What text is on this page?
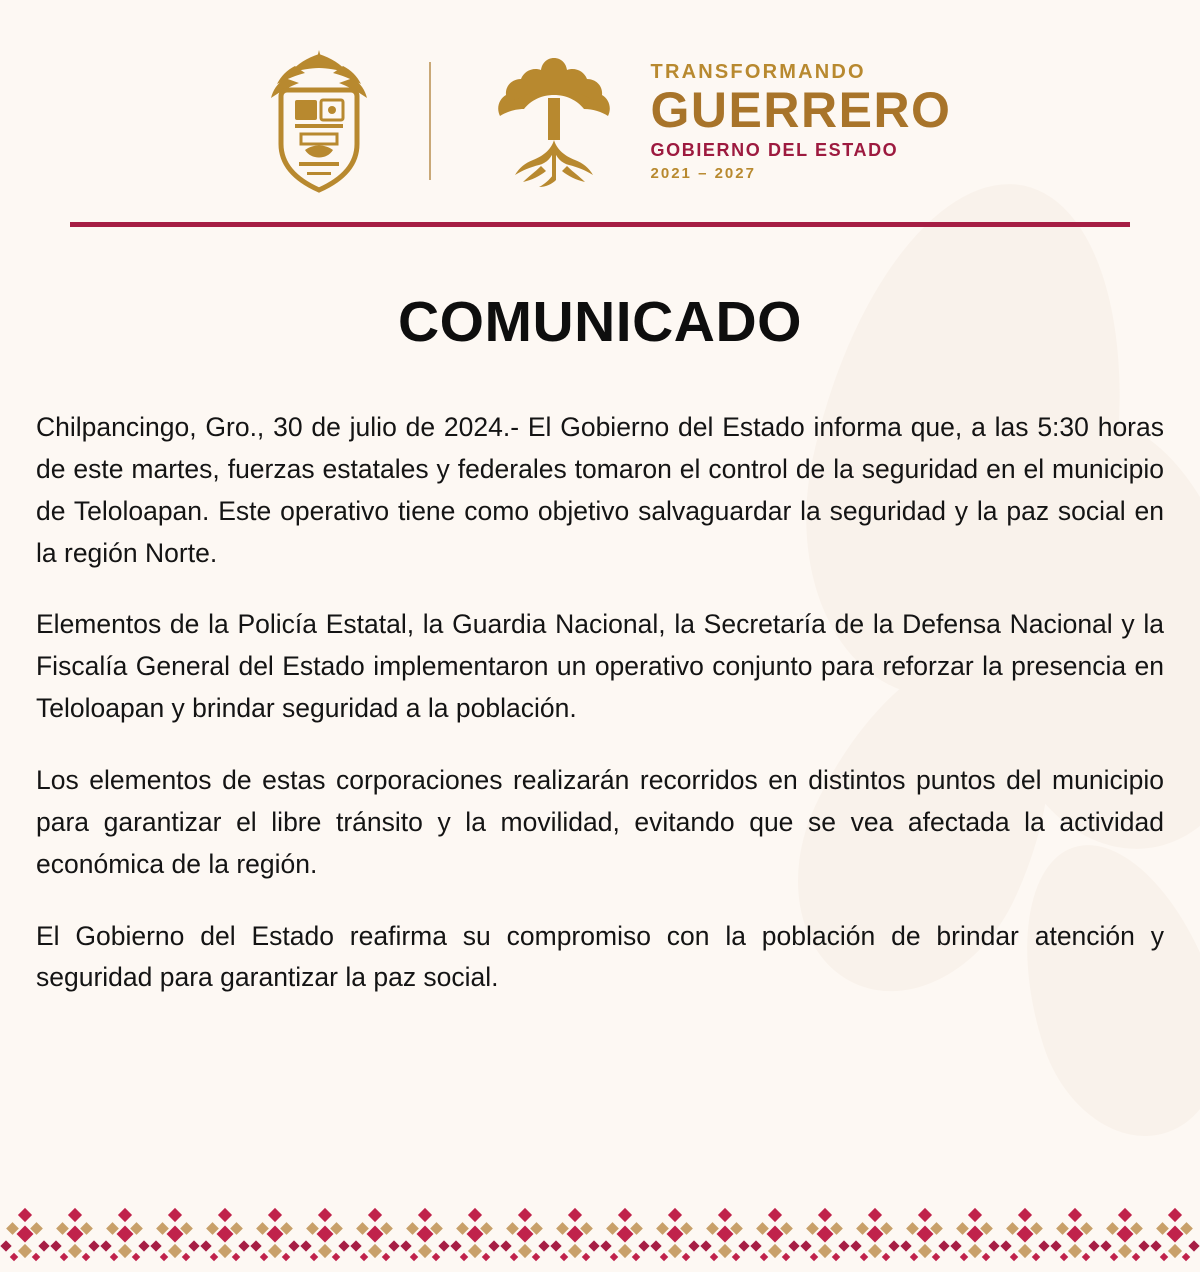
TRANSFORMANDO
GUERRERO
GOBIERNO DEL ESTADO
2021 – 2027
COMUNICADO

Chilpancingo, Gro., 30 de julio de 2024.- El Gobierno del Estado informa que, a las 5:30 horas de este martes, fuerzas estatales y federales tomaron el control de la seguridad en el municipio de Teloloapan. Este operativo tiene como objetivo salvaguardar la seguridad y la paz social en la región Norte.

Elementos de la Policía Estatal, la Guardia Nacional, la Secretaría de la Defensa Nacional y la Fiscalía General del Estado implementaron un operativo conjunto para reforzar la presencia en Teloloapan y brindar seguridad a la población.

Los elementos de estas corporaciones realizarán recorridos en distintos puntos del municipio para garantizar el libre tránsito y la movilidad, evitando que se vea afectada la actividad económica de la región.

El Gobierno del Estado reafirma su compromiso con la población de brindar atención y seguridad para garantizar la paz social.
